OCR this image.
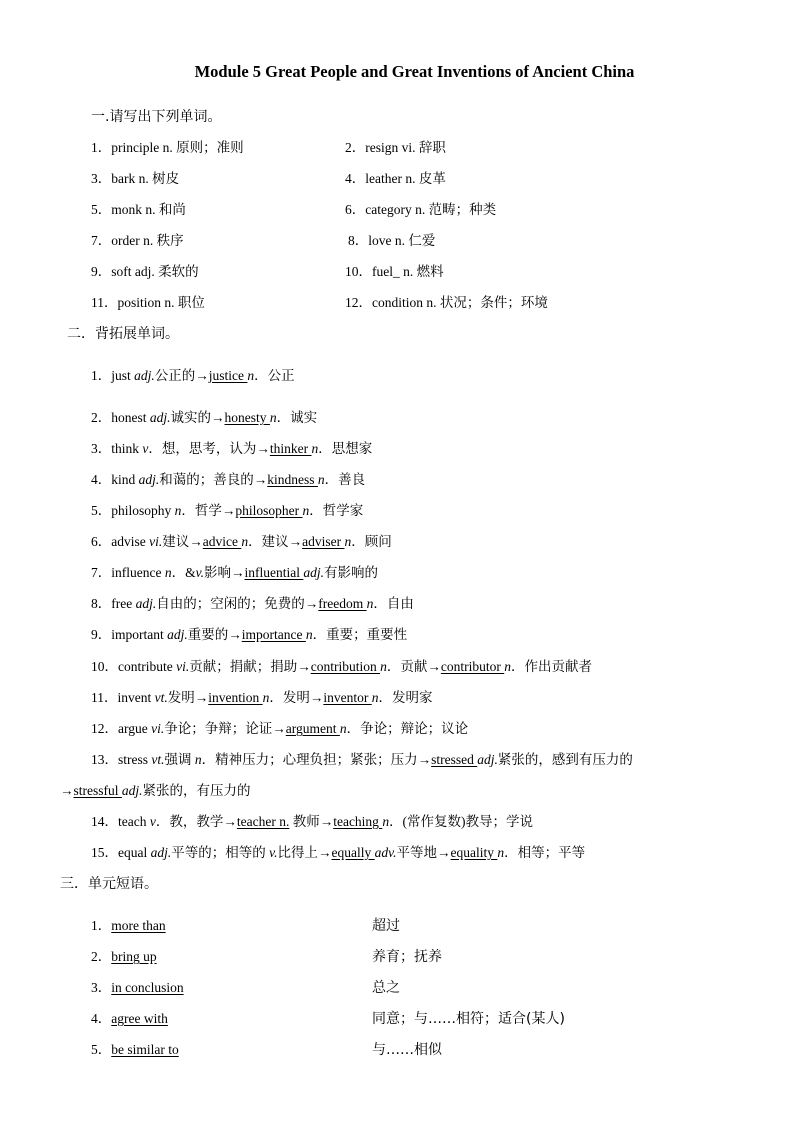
Module 5 Great People and Great Inventions of Ancient China
一.请写出下列单词。
1．principle n. 原则；准则	2．resign vi. 辞职
3．bark n. 树皮	4．leather n. 皮革
5．monk n. 和尚	6．category n. 范畴；种类
7．order n. 秩序	8．love n. 仁爱
9．soft adj. 柔软的	10．fuel_ n. 燃料
11．position n. 职位	12．condition n. 状况；条件；环境
二．背拓展单词。
1．just adj.公正的→justice n．公正
2．honest adj.诚实的→honesty n．诚实
3．think v．想，思考，认为→thinker n．思想家
4．kind adj.和蔼的；善良的→kindness n．善良
5．philosophy n．哲学→philosopher n．哲学家
6．advise vi.建议→advice n．建议→adviser n．顾问
7．influence n．&v.影响→influential adj.有影响的
8．free adj.自由的；空闲的；免费的→freedom n．自由
9．important adj.重要的→importance n．重要；重要性
10．contribute vi.贡献；捐献；捐助→contribution n．贡献→contributor n．作出贡献者
11．invent vt.发明→invention n．发明→inventor n．发明家
12．argue vi.争论；争辩；论证→argument n．争论；辩论；议论
13．stress vt.强调 n．精神压力；心理负担；紧张；压力→stressed adj.紧张的，感到有压力的
→stressful adj.紧张的，有压力的
14．teach v．教，教学→teacher n. 教师→teaching n．(常作复数)教导；学说
15．equal adj.平等的；相等的 v.比得上→equally adv.平等地→equality n．相等；平等
三．单元短语。
1．more than	超过
2．bring up	养育；抚养
3．in conclusion	总之
4．agree with	同意；与……相符；适合(某人)
5．be similar to	与……相似
